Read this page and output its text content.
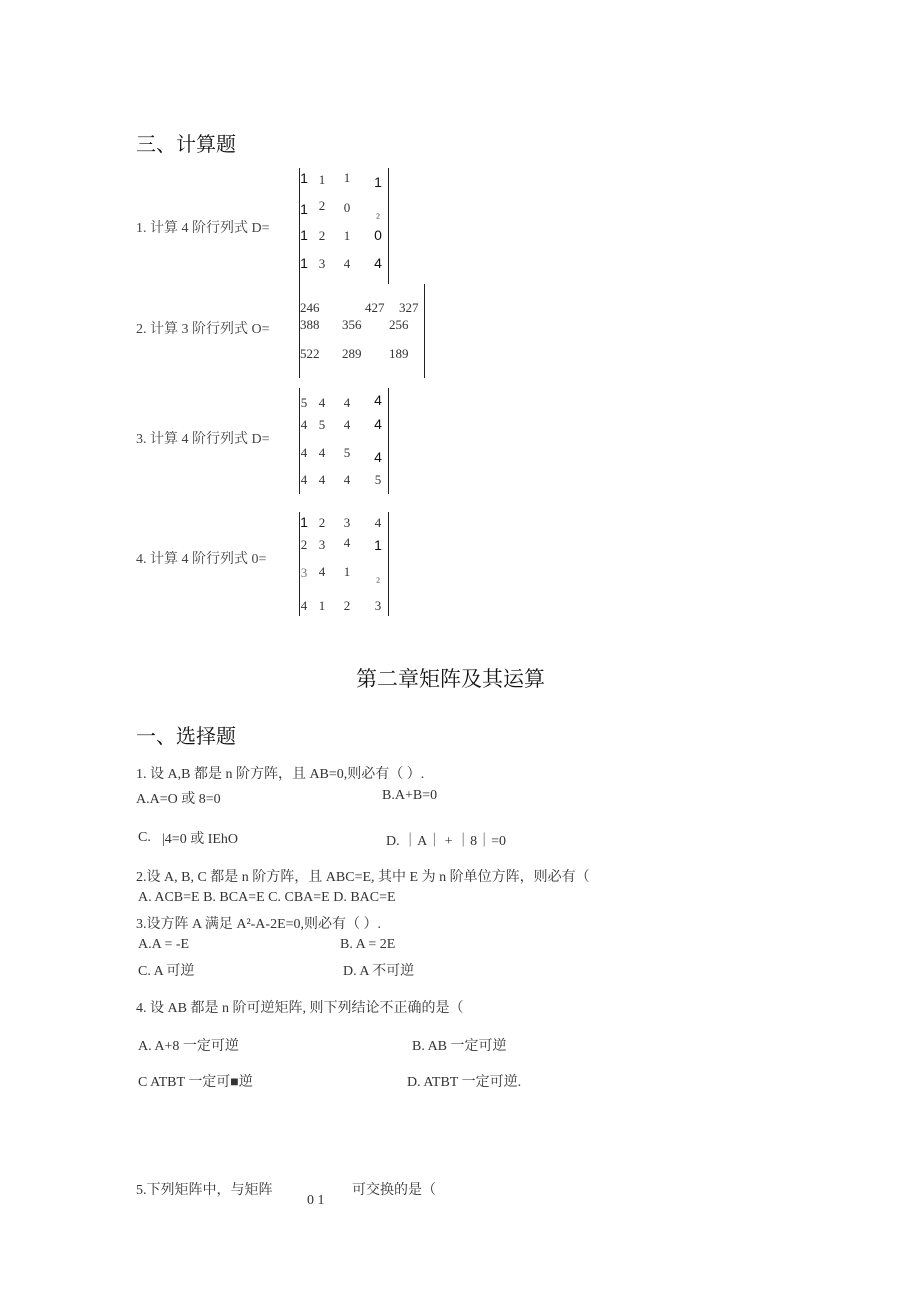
三、计算题
1. 计算 4 阶行列式 D=
1 1	1	1
1 2	0	₂
1 2	1	0
1 3	4	4
2. 计算 3 阶行列式 O=
246	427 327
388 356 256
522 289 189
3. 计算 4 阶行列式 D=
5 4	4	4
4 5	4	4
4 4	5	4
4 4	4	5
4. 计算 4 阶行列式 0=
1 2	3	4
2 3	4	1
3 4	1	₂
4 1	2	3
第二章矩阵及其运算
一、选择题
1. 设 A,B 都是 n 阶方阵，且 AB=0,则必有（ ）.
A.A=O 或 8=0	B.A+B=0
C. |4=0 或 IEhO	D. ｜A｜ + ｜8｜=0
2.设 A, B, C 都是 n 阶方阵，且 ABC=E, 其中 E 为 n 阶单位方阵，则必有（
A. ACB=E B. BCA=E C. CBA=E D. BAC=E
3.设方阵 A 满足 A²-A-2E=0,则必有（ ）.
A.A = -E	B. A = 2E
C. A 可逆	D. A 不可逆
4. 设 AB 都是 n 阶可逆矩阵, 则下列结论不正确的是（
A. A+8 一定可逆	B. AB 一定可逆
C ATBT 一定可■逆	D. ATBT 一定可逆.
5.下列矩阵中，与矩阵	可交换的是（
0 1
